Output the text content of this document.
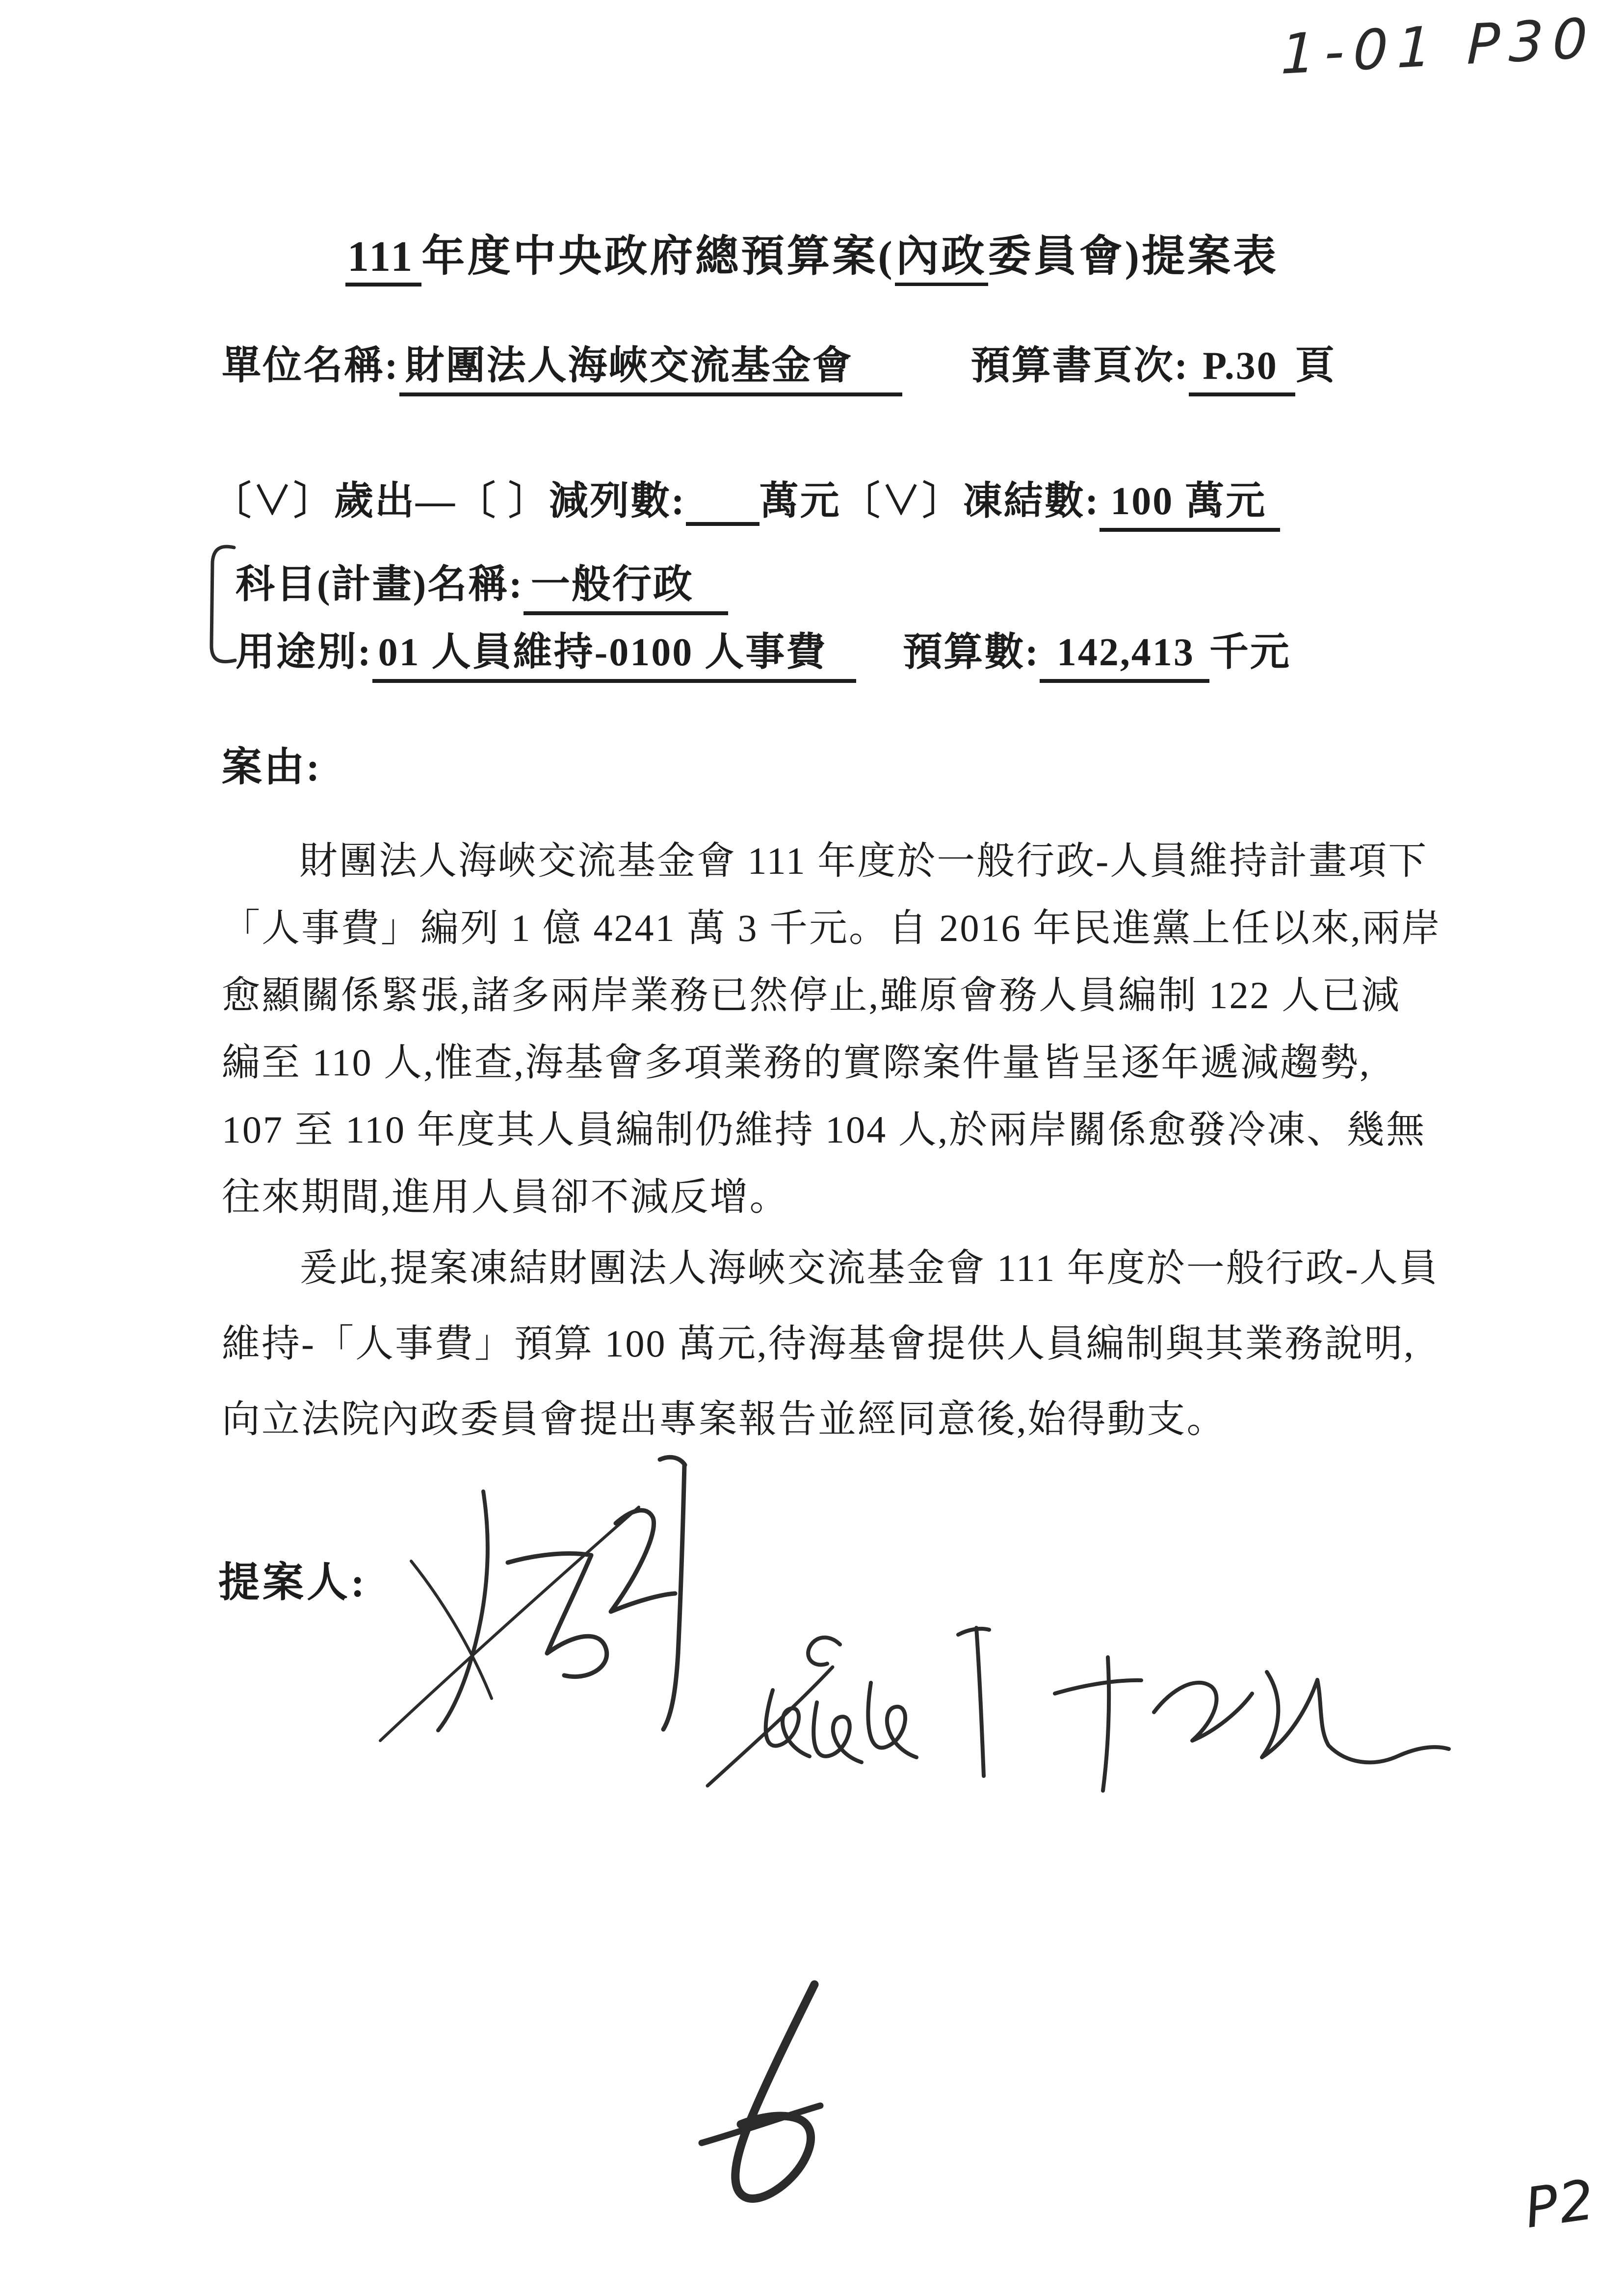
1-01 P30
111 年度中央政府總預算案(內政委員會)提案表
單位名稱: 財團法人海峽交流基金會	預算書頁次: P.30 頁
〔∨〕歲出—〔 〕減列數: 萬元〔∨〕凍結數: 100 萬元
科目(計畫)名稱: 一般行政
用途別: 01 人員維持-0100 人事費 預算數: 142,413 千元
案由:
財團法人海峽交流基金會 111 年度於一般行政-人員維持計畫項下
「人事費」編列 1 億 4241 萬 3 千元。自 2016 年民進黨上任以來,兩岸
愈顯關係緊張,諸多兩岸業務已然停止,雖原會務人員編制 122 人已減
編至 110 人,惟查,海基會多項業務的實際案件量皆呈逐年遞減趨勢,
107 至 110 年度其人員編制仍維持 104 人,於兩岸關係愈發冷凍、幾無
往來期間,進用人員卻不減反增。
爰此,提案凍結財團法人海峽交流基金會 111 年度於一般行政-人員
維持-「人事費」預算 100 萬元,待海基會提供人員編制與其業務說明,
向立法院內政委員會提出專案報告並經同意後,始得動支。
提案人:
P2
